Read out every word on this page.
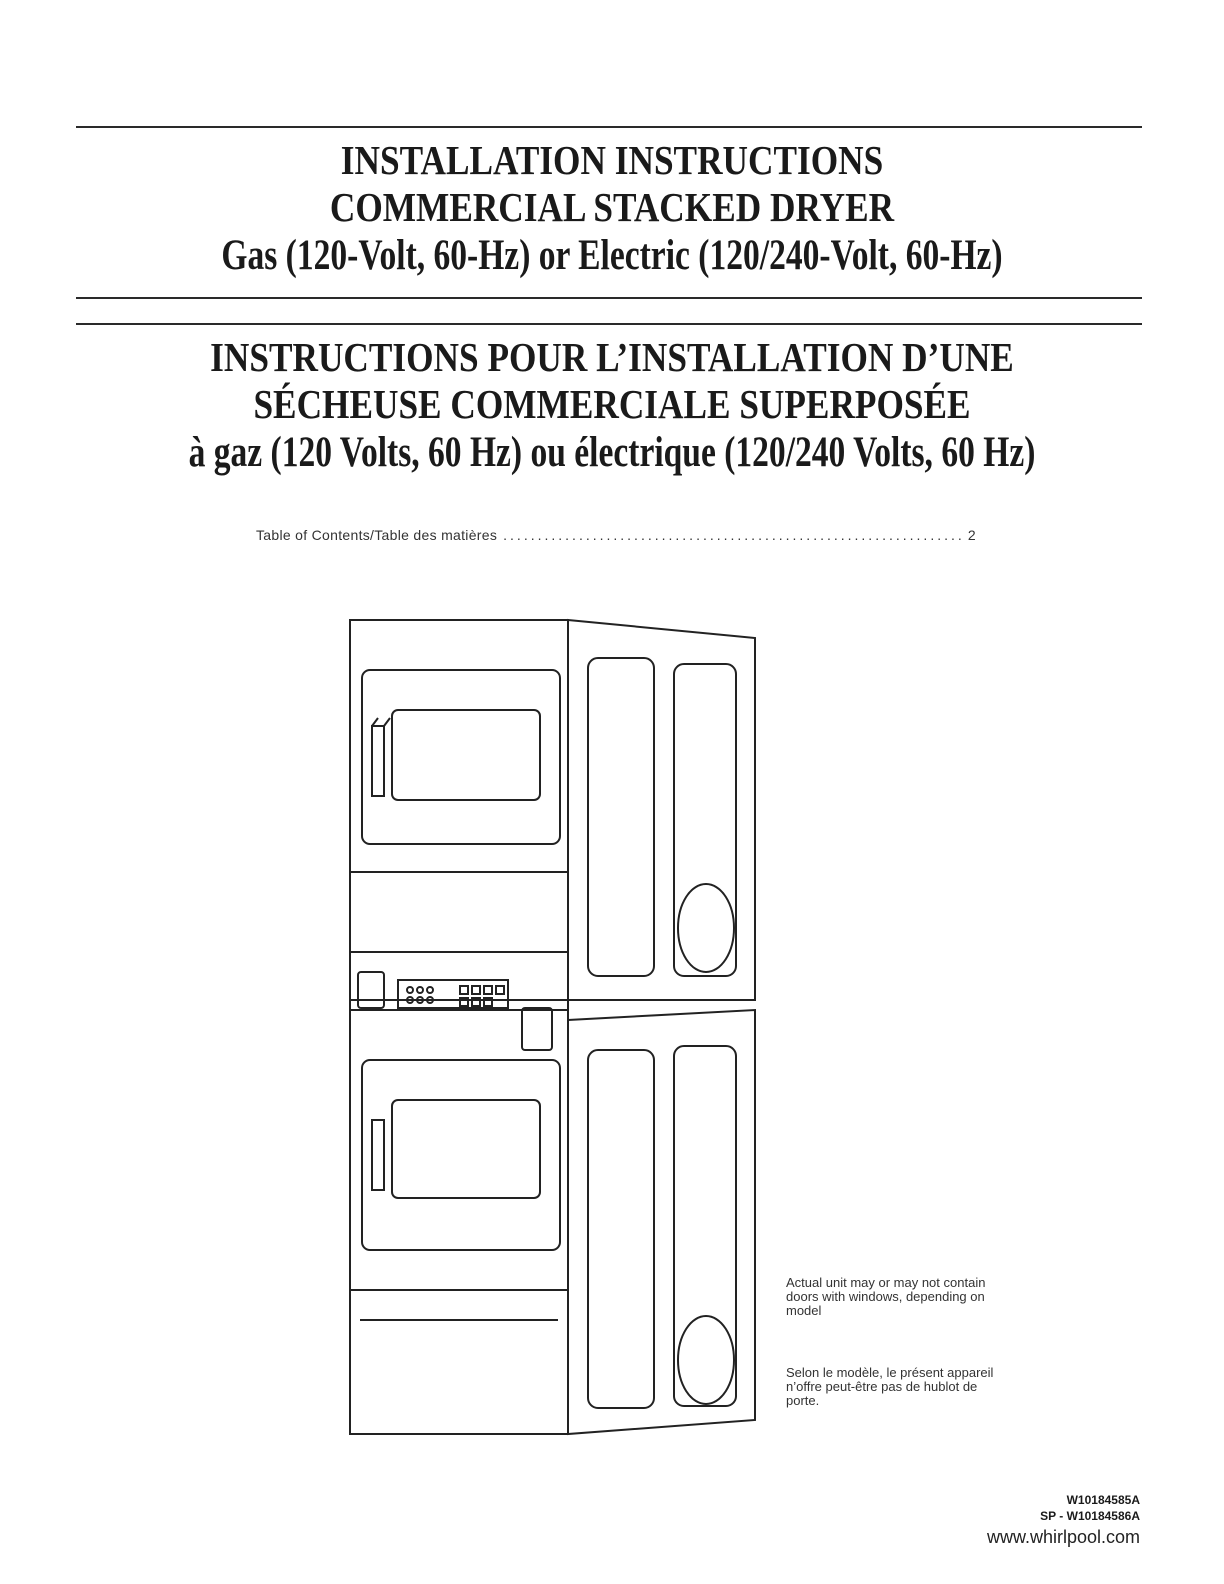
INSTALLATION INSTRUCTIONS
COMMERCIAL STACKED DRYER
Gas (120-Volt, 60-Hz) or Electric (120/240-Volt, 60-Hz)
INSTRUCTIONS POUR L’INSTALLATION D’UNE
SÉCHEUSE COMMERCIALE SUPERPOSÉE
à gaz (120 Volts, 60 Hz) ou électrique (120/240 Volts, 60 Hz)
Table of Contents/Table des matières
.....	2
Actual unit may or may not contain doors with windows, depending on model
Selon le modèle, le présent appareil n’offre peut-être pas de hublot de porte.
W10184585A
SP - W10184586A
www.whirlpool.com
